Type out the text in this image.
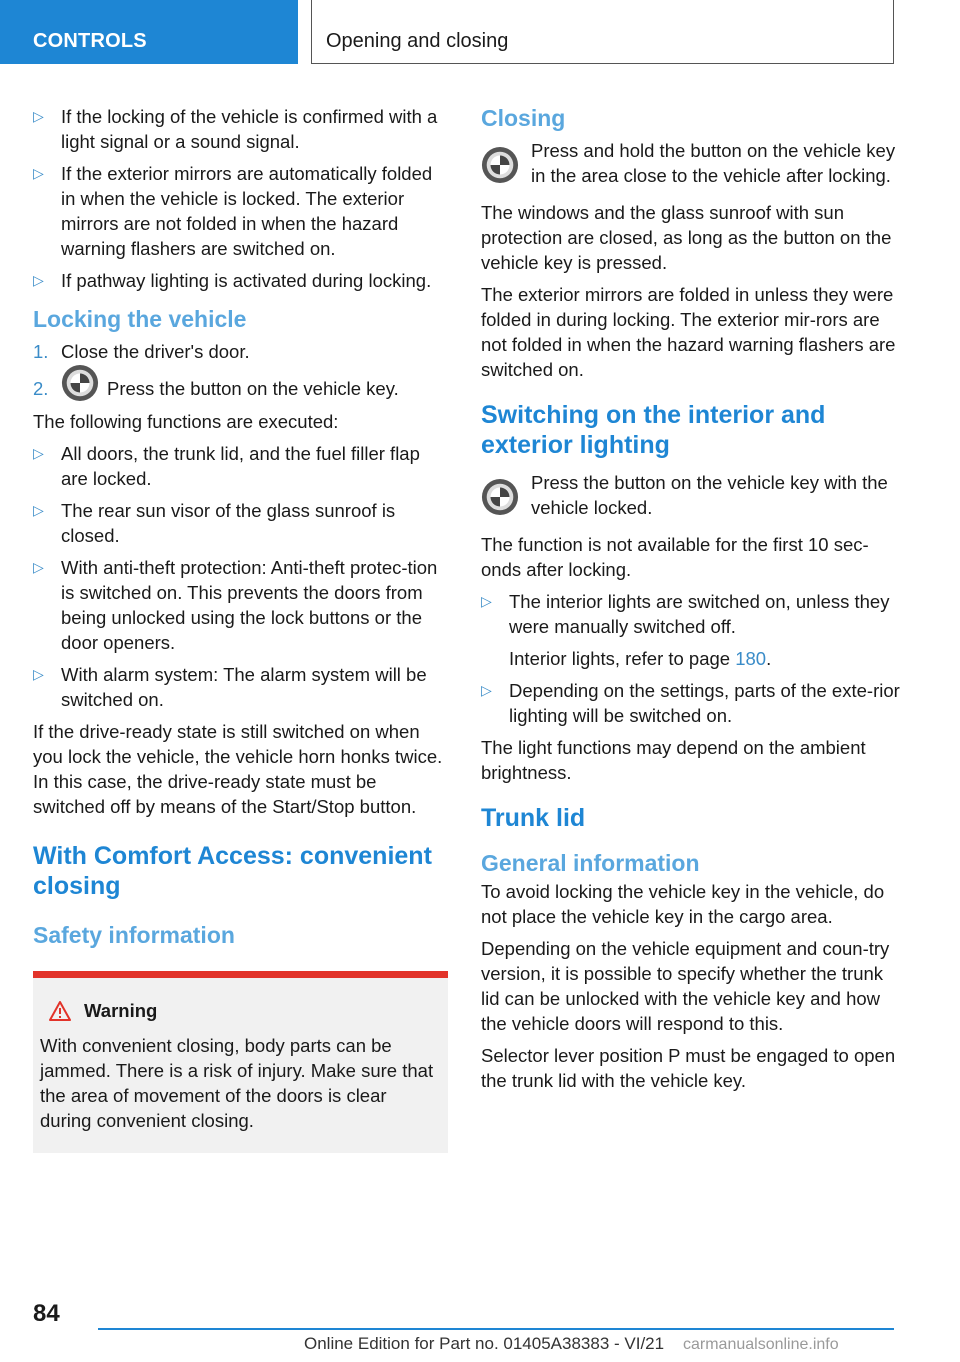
CONTROLS	Opening and closing
▷ If the locking of the vehicle is confirmed with a light signal or a sound signal.
▷ If the exterior mirrors are automatically folded in when the vehicle is locked. The exterior mirrors are not folded in when the hazard warning flashers are switched on.
▷ If pathway lighting is activated during locking.
Locking the vehicle
1. Close the driver's door.
2.	Press the button on the vehicle key.

The following functions are executed:

▷ All doors, the trunk lid, and the fuel filler flap are locked.
▷ The rear sun visor of the glass sunroof is closed.
▷ With anti-theft protection: Anti-theft protec-tion is switched on. This prevents the doors from being unlocked using the lock buttons or the door openers.
▷ With alarm system: The alarm system will be switched on.

If the drive-ready state is still switched on when you lock the vehicle, the vehicle horn honks twice. In this case, the drive-ready state must be switched off by means of the Start/Stop button.

With Comfort Access: convenient closing
Safety information
Warning

With convenient closing, body parts can be jammed. There is a risk of injury. Make sure that the area of movement of the doors is clear during convenient closing.

Closing
Press and hold the button on the vehicle key in the area close to the vehicle after locking.

The windows and the glass sunroof with sun protection are closed, as long as the button on the vehicle key is pressed.

The exterior mirrors are folded in unless they were folded in during locking. The exterior mir-rors are not folded in when the hazard warning flashers are switched on.

Switching on the interior and exterior lighting
Press the button on the vehicle key with the vehicle locked.

The function is not available for the first 10 sec-onds after locking.

▷ The interior lights are switched on, unless they were manually switched off.
Interior lights, refer to page 180.
▷ Depending on the settings, parts of the exte-rior lighting will be switched on.

The light functions may depend on the ambient brightness.

Trunk lid
General information

To avoid locking the vehicle key in the vehicle, do not place the vehicle key in the cargo area.

Depending on the vehicle equipment and coun-try version, it is possible to specify whether the trunk lid can be unlocked with the vehicle key and how the vehicle doors will respond to this.

Selector lever position P must be engaged to open the trunk lid with the vehicle key.

84
Online Edition for Part no. 01405A38383 - VI/21 carmanualsonline.info
